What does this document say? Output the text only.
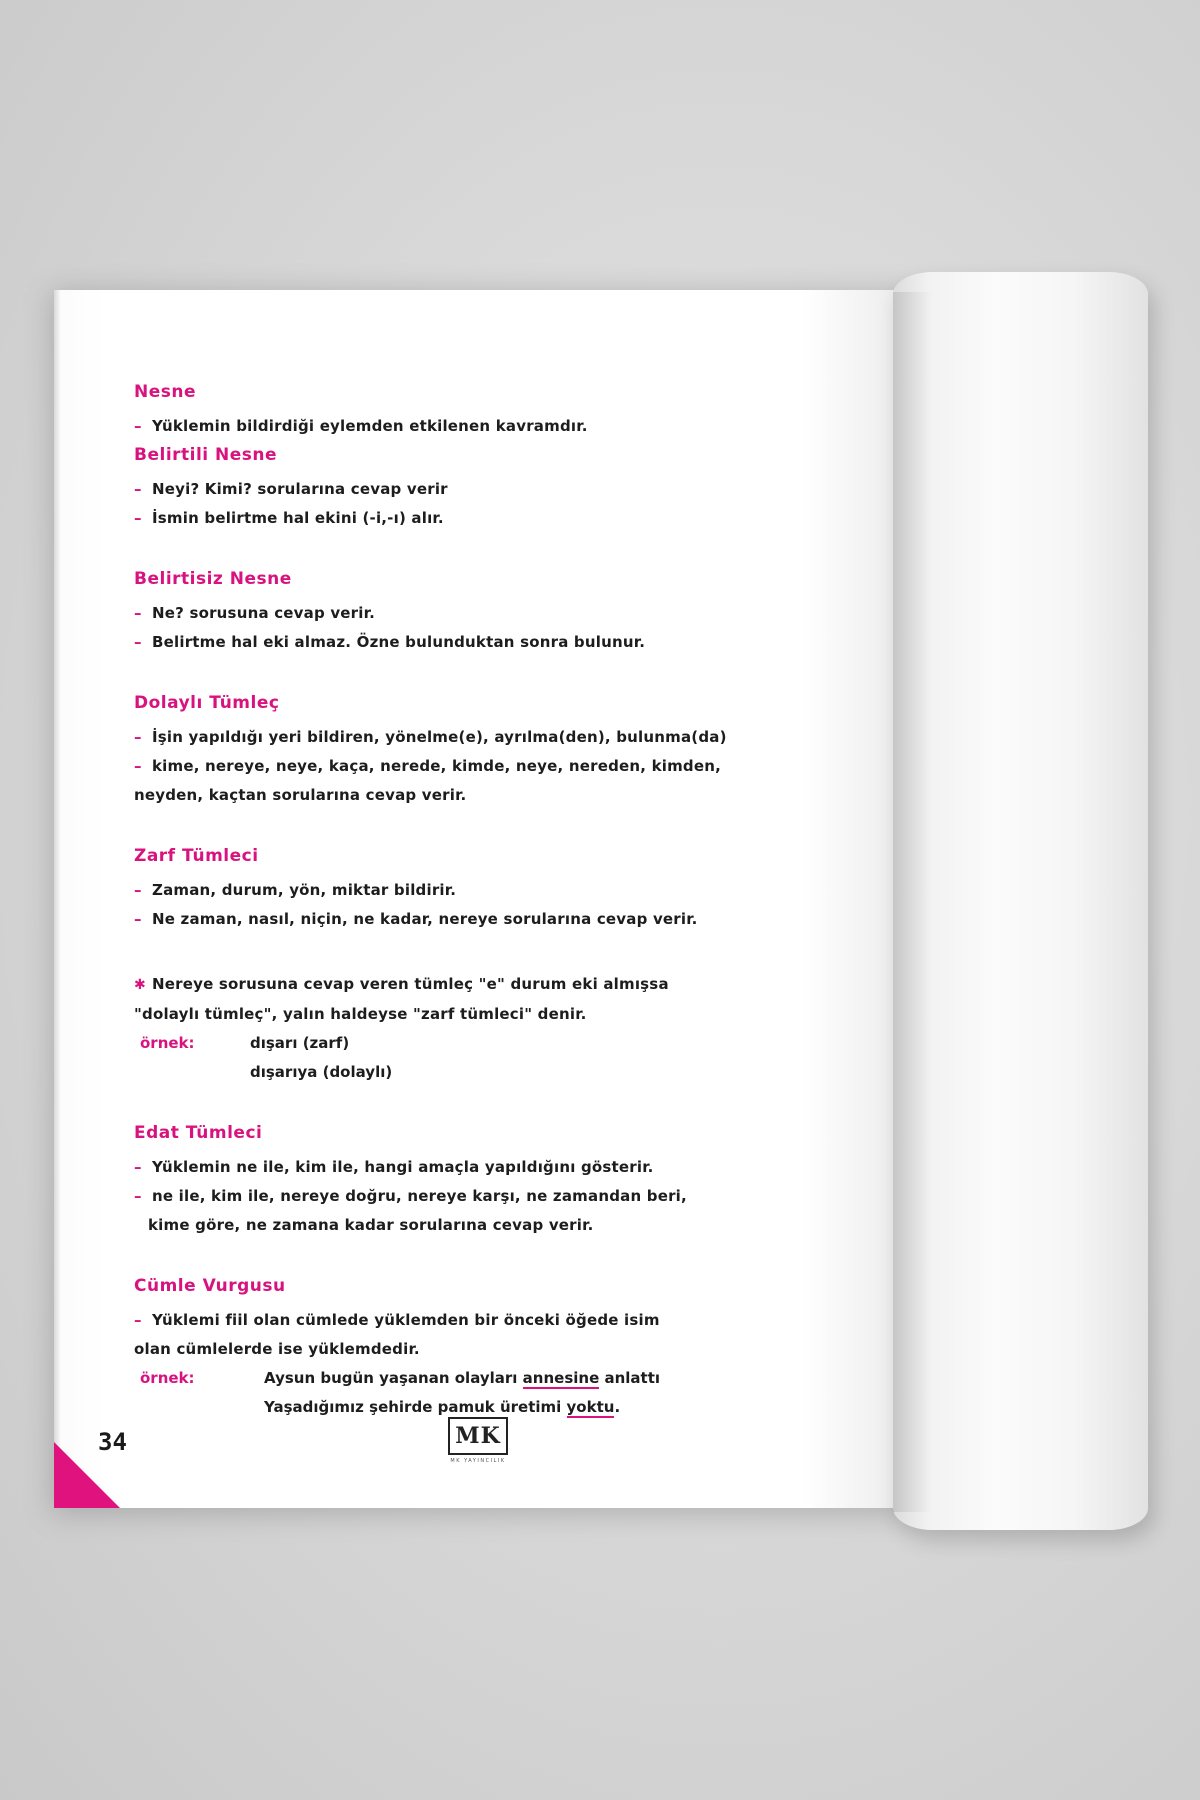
Nesne
– Yüklemin bildirdiği eylemden etkilenen kavramdır.
Belirtili Nesne
– Neyi? Kimi? sorularına cevap verir
– İsmin belirtme hal ekini (-i,-ı) alır.
Belirtisiz Nesne
– Ne? sorusuna cevap verir.
– Belirtme hal eki almaz. Özne bulunduktan sonra bulunur.
Dolaylı Tümleç
– İşin yapıldığı yeri bildiren, yönelme(e), ayrılma(den), bulunma(da)
– kime, nereye, neye, kaça, nerede, kimde, neye, nereden, kimden,
neyden, kaçtan sorularına cevap verir.
Zarf Tümleci
– Zaman, durum, yön, miktar bildirir.
– Ne zaman, nasıl, niçin, ne kadar, nereye sorularına cevap verir.
✱ Nereye sorusuna cevap veren tümleç "e" durum eki almışsa
"dolaylı tümleç", yalın haldeyse "zarf tümleci" denir.
örnek:	dışarı (zarf)
dışarıya (dolaylı)
Edat Tümleci
– Yüklemin ne ile, kim ile, hangi amaçla yapıldığını gösterir.
– ne ile, kim ile, nereye doğru, nereye karşı, ne zamandan beri,
kime göre, ne zamana kadar sorularına cevap verir.
Cümle Vurgusu
– Yüklemi fiil olan cümlede yüklemden bir önceki öğede isim
olan cümlelerde ise yüklemdedir.
örnek:	Aysun bugün yaşanan olayları annesine anlattı
Yaşadığımız şehirde pamuk üretimi yoktu.
34	MK
MK YAYINCILIK
